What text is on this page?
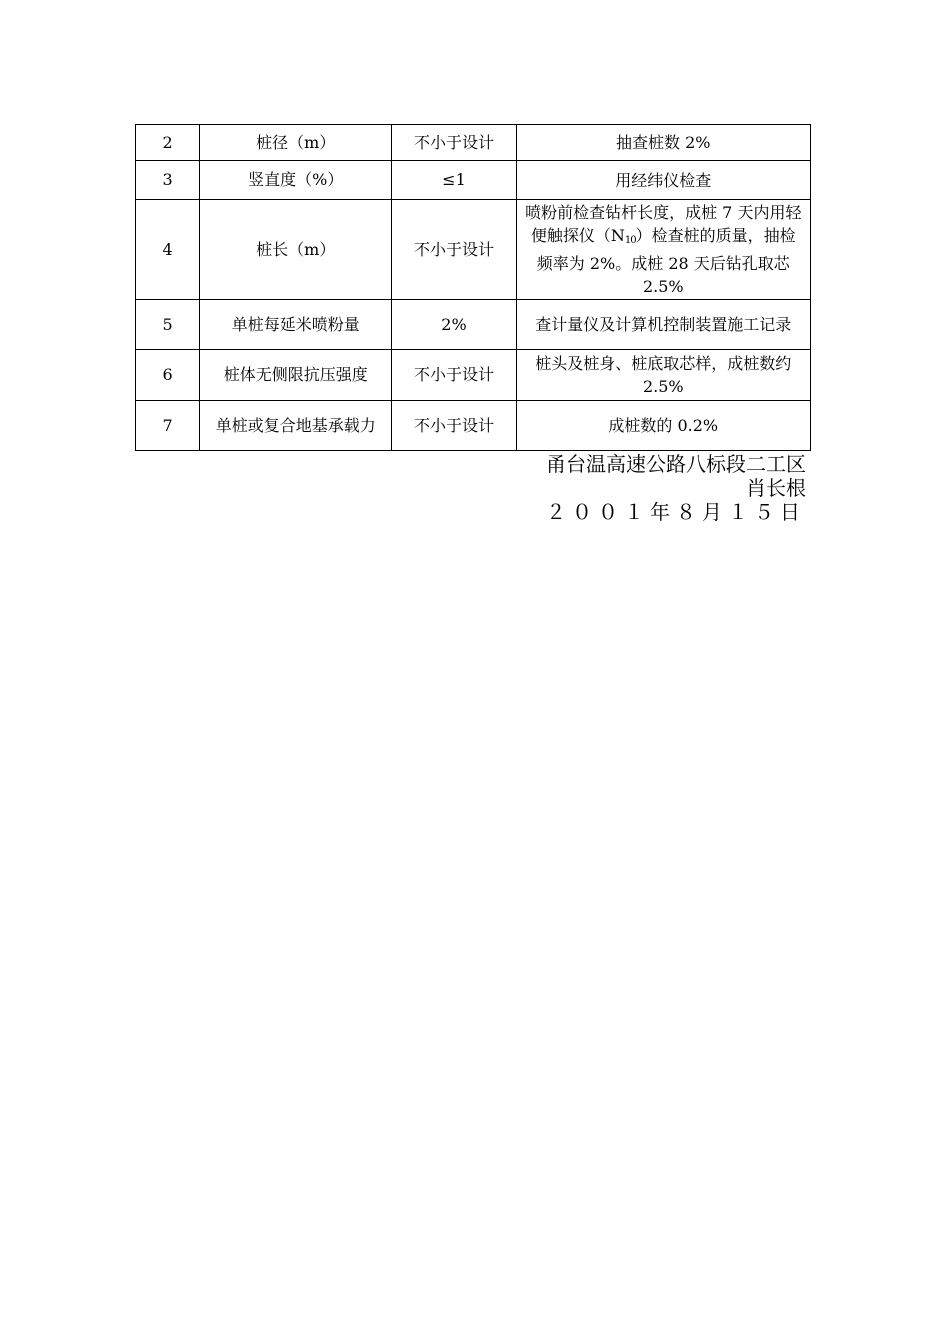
2	桩径（m）	不小于设计	抽查桩数 2%
3	竖直度（%）	≤1	用经纬仪检查
4	桩长（m）	不小于设计	喷粉前检查钻杆长度，成桩 7 天内用轻便触探仪$(N_{10})$检查桩的质量，抽检频率为 2%。成桩 28 天后钻孔取芯 2.5%
5	单桩每延米喷粉量	2%	查计量仪及计算机控制装置施工记录
6	桩体无侧限抗压强度	不小于设计	桩头及桩身、桩底取芯样，成桩数约 2.5%
7	单桩或复合地基承载力	不小于设计	成桩数的 0.2%
甬台温高速公路八标段二工区
肖长根
２００１年８月１５日
